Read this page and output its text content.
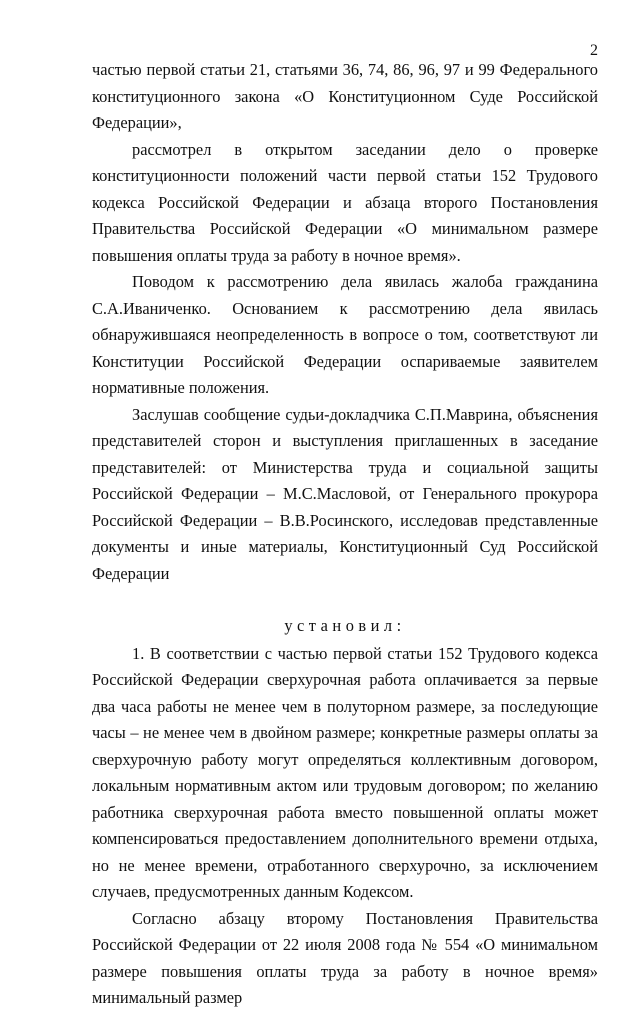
2

частью первой статьи 21, статьями 36, 74, 86, 96, 97 и 99 Федерального конституционного закона «О Конституционном Суде Российской Федерации»,

рассмотрел в открытом заседании дело о проверке конституционности положений части первой статьи 152 Трудового кодекса Российской Федерации и абзаца второго Постановления Правительства Российской Федерации «О минимальном размере повышения оплаты труда за работу в ночное время».

Поводом к рассмотрению дела явилась жалоба гражданина С.А.Иваниченко. Основанием к рассмотрению дела явилась обнаружившаяся неопределенность в вопросе о том, соответствуют ли Конституции Российской Федерации оспариваемые заявителем нормативные положения.

Заслушав сообщение судьи-докладчика С.П.Маврина, объяснения представителей сторон и выступления приглашенных в заседание представителей: от Министерства труда и социальной защиты Российской Федерации – М.С.Масловой, от Генерального прокурора Российской Федерации – В.В.Росинского, исследовав представленные документы и иные материалы, Конституционный Суд Российской Федерации

установил:

1. В соответствии с частью первой статьи 152 Трудового кодекса Российской Федерации сверхурочная работа оплачивается за первые два часа работы не менее чем в полуторном размере, за последующие часы – не менее чем в двойном размере; конкретные размеры оплаты за сверхурочную работу могут определяться коллективным договором, локальным нормативным актом или трудовым договором; по желанию работника сверхурочная работа вместо повышенной оплаты может компенсироваться предоставлением дополнительного времени отдыха, но не менее времени, отработанного сверхурочно, за исключением случаев, предусмотренных данным Кодексом.

Согласно абзацу второму Постановления Правительства Российской Федерации от 22 июля 2008 года № 554 «О минимальном размере повышения оплаты труда за работу в ночное время» минимальный размер
